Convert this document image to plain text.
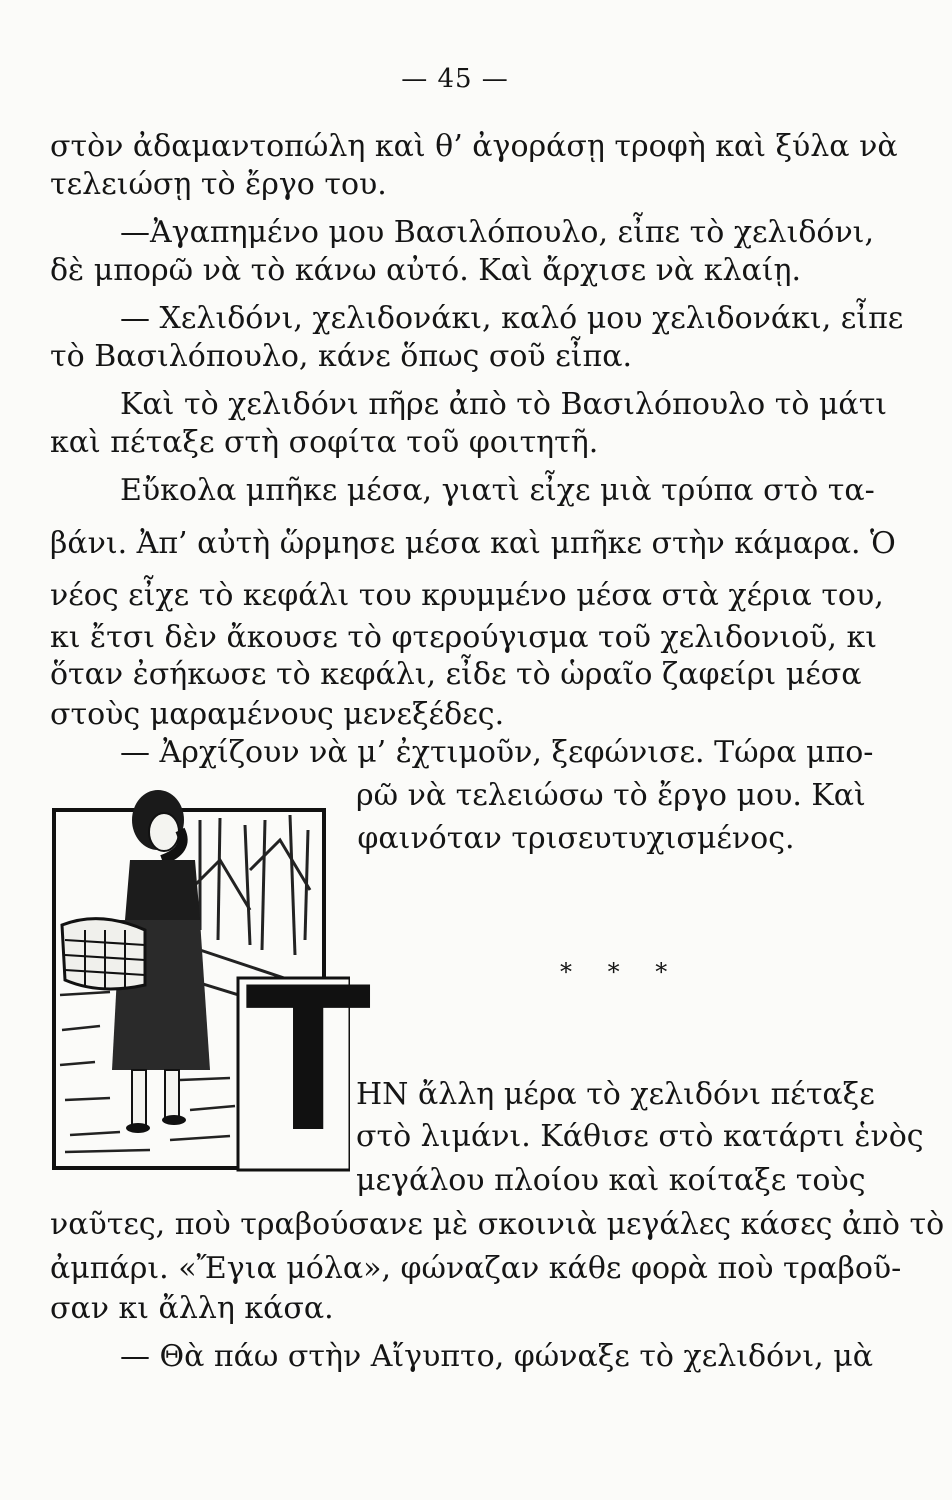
— 45 —
στὸν ἀδαμαντοπώλη καὶ θ’ ἀγοράσῃ τροφὴ καὶ ξύλα νὰ
τελειώσῃ τὸ ἔργο του.
—Ἀγαπημένο μου Βασιλόπουλο, εἶπε τὸ χελιδόνι,
δὲ μπορῶ νὰ τὸ κάνω αὐτό. Καὶ ἄρχισε νὰ κλαίῃ.
— Χελιδόνι, χελιδονάκι, καλό μου χελιδονάκι, εἶπε
τὸ Βασιλόπουλο, κάνε ὅπως σοῦ εἶπα.
Καὶ τὸ χελιδόνι πῆρε ἀπὸ τὸ Βασιλόπουλο τὸ μάτι
καὶ πέταξε στὴ σοφίτα τοῦ φοιτητῆ.
Εὔκολα μπῆκε μέσα, γιατὶ εἶχε μιὰ τρύπα στὸ τα-
βάνι. Ἀπ’ αὐτὴ ὥρμησε μέσα καὶ μπῆκε στὴν κάμαρα. Ὁ
νέος εἶχε τὸ κεφάλι του κρυμμένο μέσα στὰ χέρια του,
κι ἔτσι δὲν ἄκουσε τὸ φτερούγισμα τοῦ χελιδονιοῦ, κι
ὅταν ἐσήκωσε τὸ κεφάλι, εἶδε τὸ ὡραῖο ζαφείρι μέσα
στοὺς μαραμένους μενεξέδες.
— Ἀρχίζουν νὰ μ’ ἐχτιμοῦν, ξεφώνισε. Τώρα μπο-
ρῶ νὰ τελειώσω τὸ ἔργο μου. Καὶ
φαινόταν τρισευτυχισμένος.
* * *
T
ΗΝ ἄλλη μέρα τὸ χελιδόνι πέταξε
στὸ λιμάνι. Κάθισε στὸ κατάρτι ἑνὸς
μεγάλου πλοίου καὶ κοίταξε τοὺς
ναῦτες, ποὺ τραβούσανε μὲ σκοινιὰ μεγάλες κάσες ἀπὸ τὸ
ἀμπάρι. «Ἔγια μόλα», φώναζαν κάθε φορὰ ποὺ τραβοῦ-
σαν κι ἄλλη κάσα.
— Θὰ πάω στὴν Αἴγυπτο, φώναξε τὸ χελιδόνι, μὰ
